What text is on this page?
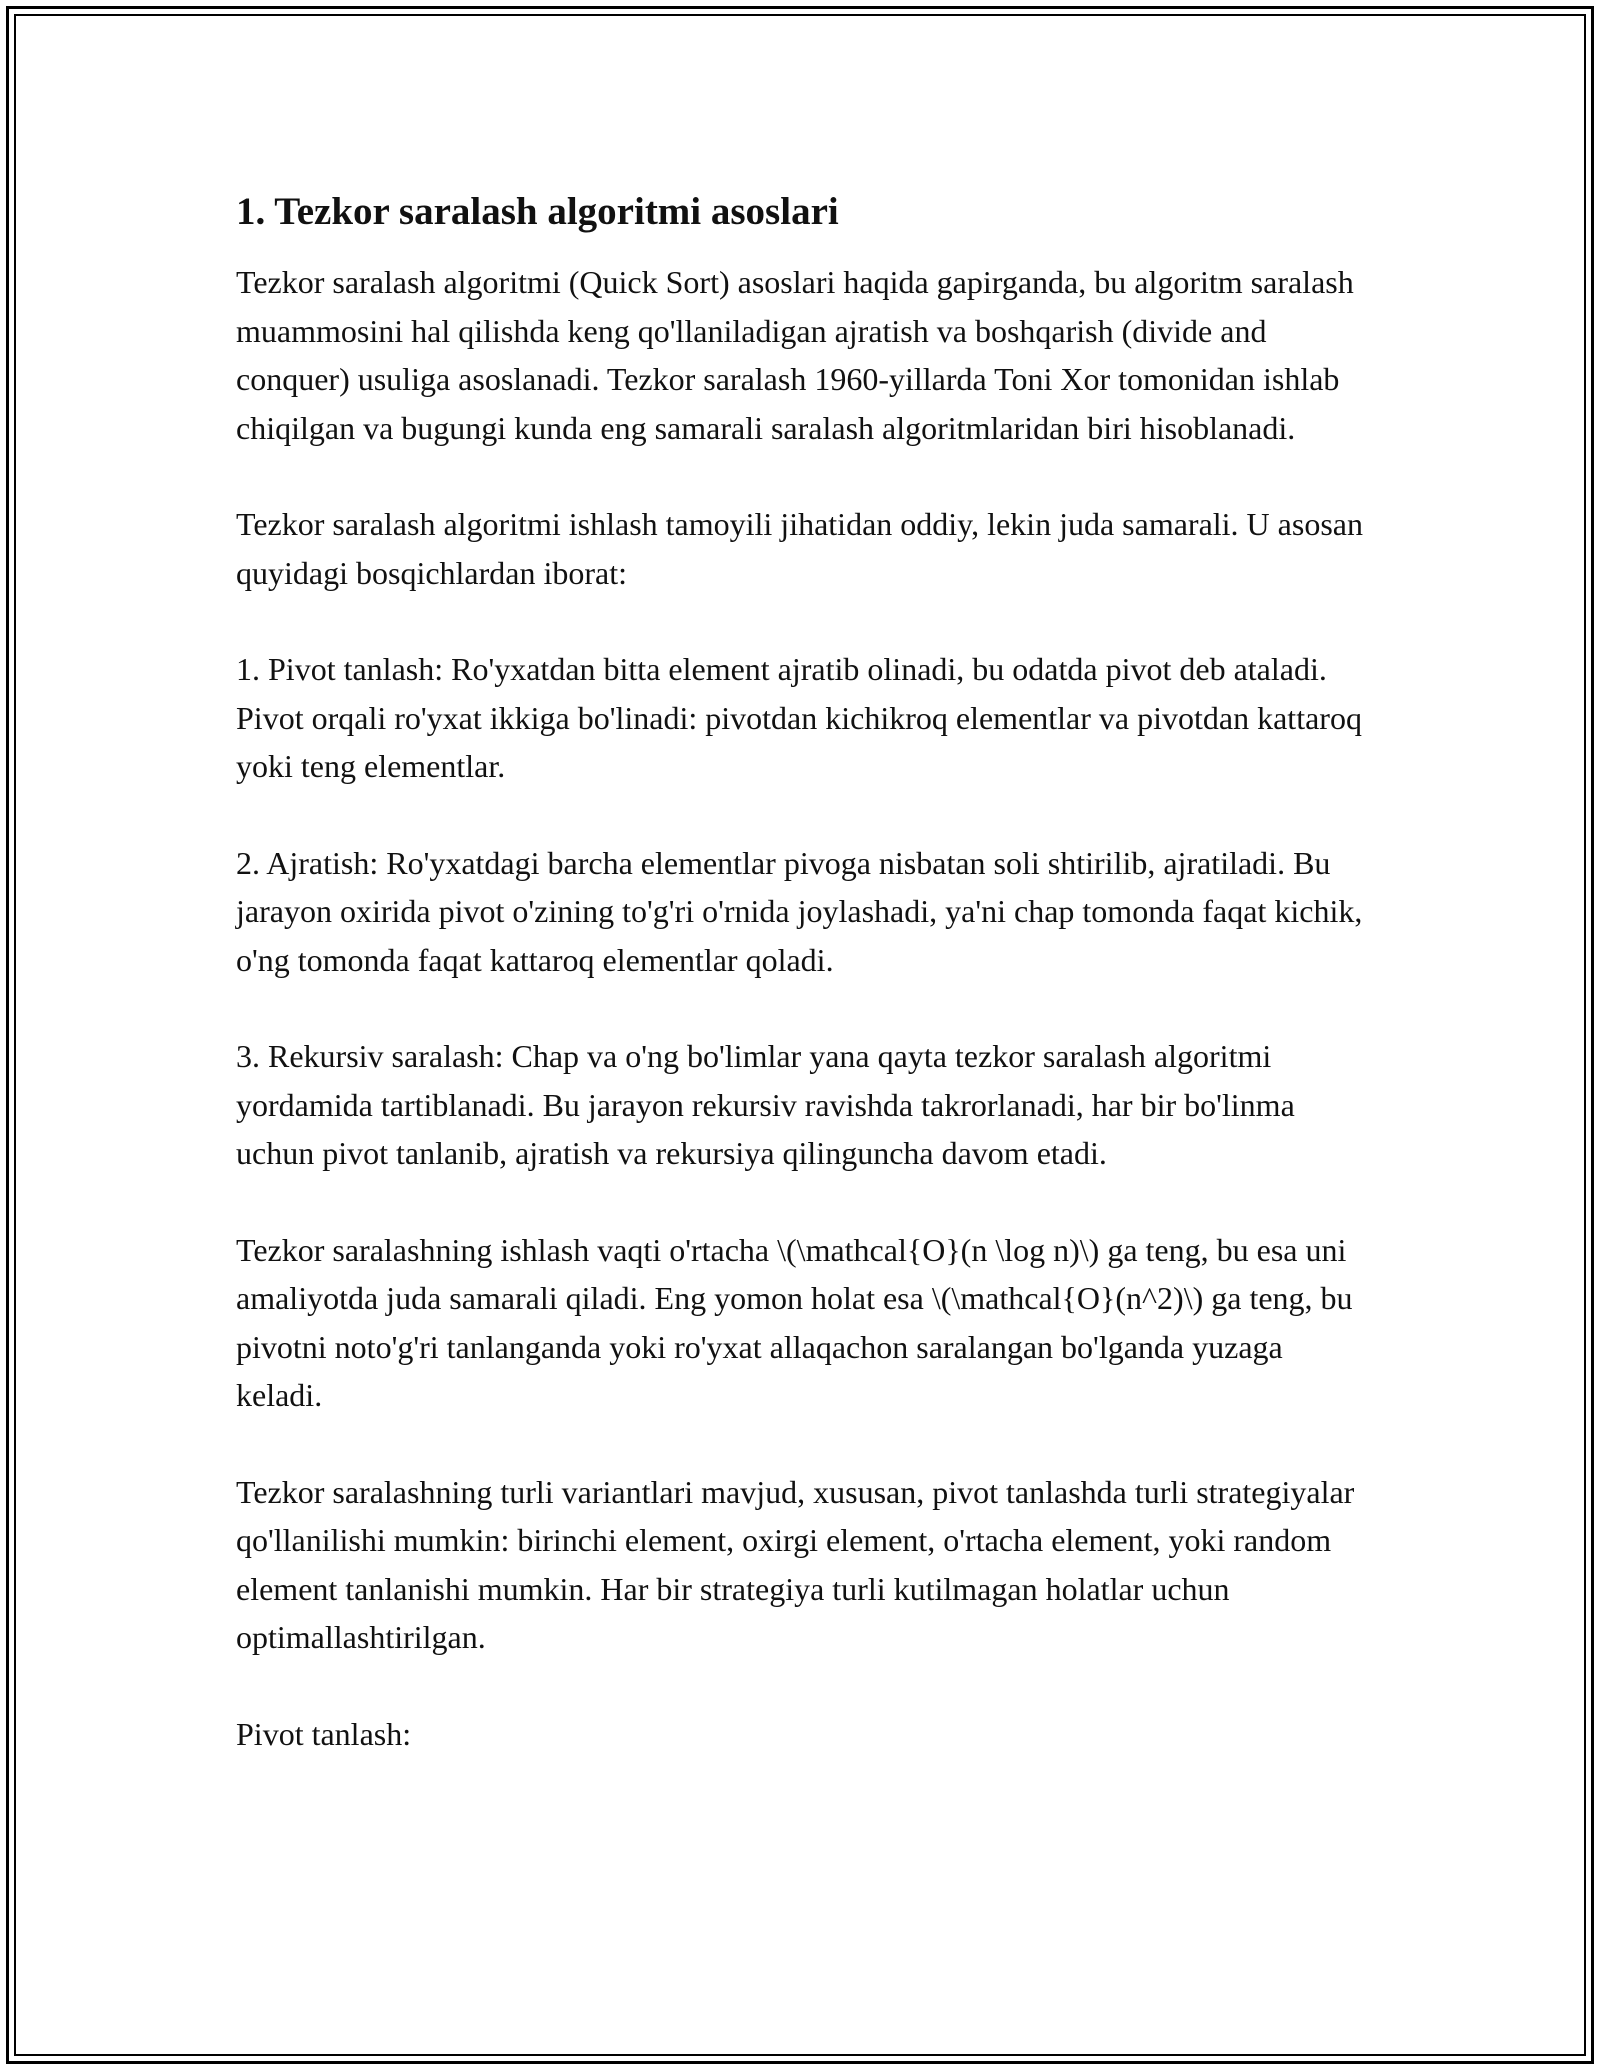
1. Tezkor saralash algoritmi asoslari

Tezkor saralash algoritmi (Quick Sort) asoslari haqida gapirganda, bu algoritm saralash muammosini hal qilishda keng qo'llaniladigan ajratish va boshqarish (divide and conquer) usuliga asoslanadi. Tezkor saralash 1960-yillarda Toni Xor tomonidan ishlab chiqilgan va bugungi kunda eng samarali saralash algoritmlaridan biri hisoblanadi.

Tezkor saralash algoritmi ishlash tamoyili jihatidan oddiy, lekin juda samarali. U asosan quyidagi bosqichlardan iborat:

1. Pivot tanlash: Ro'yxatdan bitta element ajratib olinadi, bu odatda pivot deb ataladi. Pivot orqali ro'yxat ikkiga bo'linadi: pivotdan kichikroq elementlar va pivotdan kattaroq yoki teng elementlar.

2. Ajratish: Ro'yxatdagi barcha elementlar pivoga nisbatan soli shtirilib, ajratiladi. Bu jarayon oxirida pivot o'zining to'g'ri o'rnida joylashadi, ya'ni chap tomonda faqat kichik, o'ng tomonda faqat kattaroq elementlar qoladi.

3. Rekursiv saralash: Chap va o'ng bo'limlar yana qayta tezkor saralash algoritmi yordamida tartiblanadi. Bu jarayon rekursiv ravishda takrorlanadi, har bir bo'linma uchun pivot tanlanib, ajratish va rekursiya qilinguncha davom etadi.

Tezkor saralashning ishlash vaqti o'rtacha \(\mathcal{O}(n \log n)\) ga teng, bu esa uni amaliyotda juda samarali qiladi. Eng yomon holat esa \(\mathcal{O}(n^2)\) ga teng, bu pivotni noto'g'ri tanlanganda yoki ro'yxat allaqachon saralangan bo'lganda yuzaga keladi.

Tezkor saralashning turli variantlari mavjud, xususan, pivot tanlashda turli strategiyalar qo'llanilishi mumkin: birinchi element, oxirgi element, o'rtacha element, yoki random element tanlanishi mumkin. Har bir strategiya turli kutilmagan holatlar uchun optimallashtirilgan.

Pivot tanlash:
